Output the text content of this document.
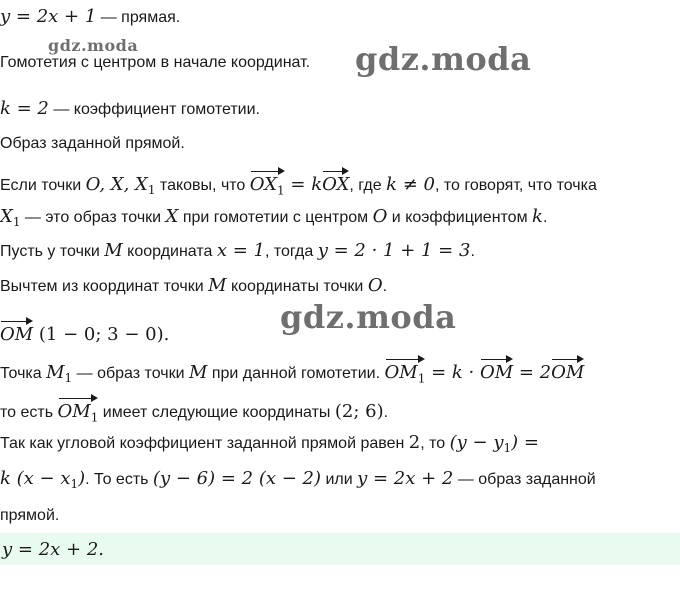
gdz.moda	gdz.moda
gdz.moda
y = 2x + 1 — прямая.
Гомотетия с центром в начале координат.
k = 2 — коэффициент гомотетии.
Образ заданной прямой.
Если точки O, X, $X_1$ таковы, что $OX_1$ = kOX, где k ≠ 0, то говорят, что точка
$X_1$ — это образ точки X при гомотетии с центром O и коэффициентом k.
Пусть у точки M координата x = 1, тогда y = 2 · 1 + 1 = 3.
Вычтем из координат точки M координаты точки O.
OM (1 − 0; 3 − 0).
Точка $M_1$ — образ точки M при данной гомотетии. $OM_1 = k$ · OM = 2OM
то есть $OM_1$ имеет следующие координаты (2; 6).
Так как угловой коэффициент заданной прямой равен 2, то $(y - y_1)$ =
k $(x - x_1)$. То есть (y − 6) = 2 (x − 2) или y = 2x + 2 — образ заданной
прямой.
y = 2x + 2.
